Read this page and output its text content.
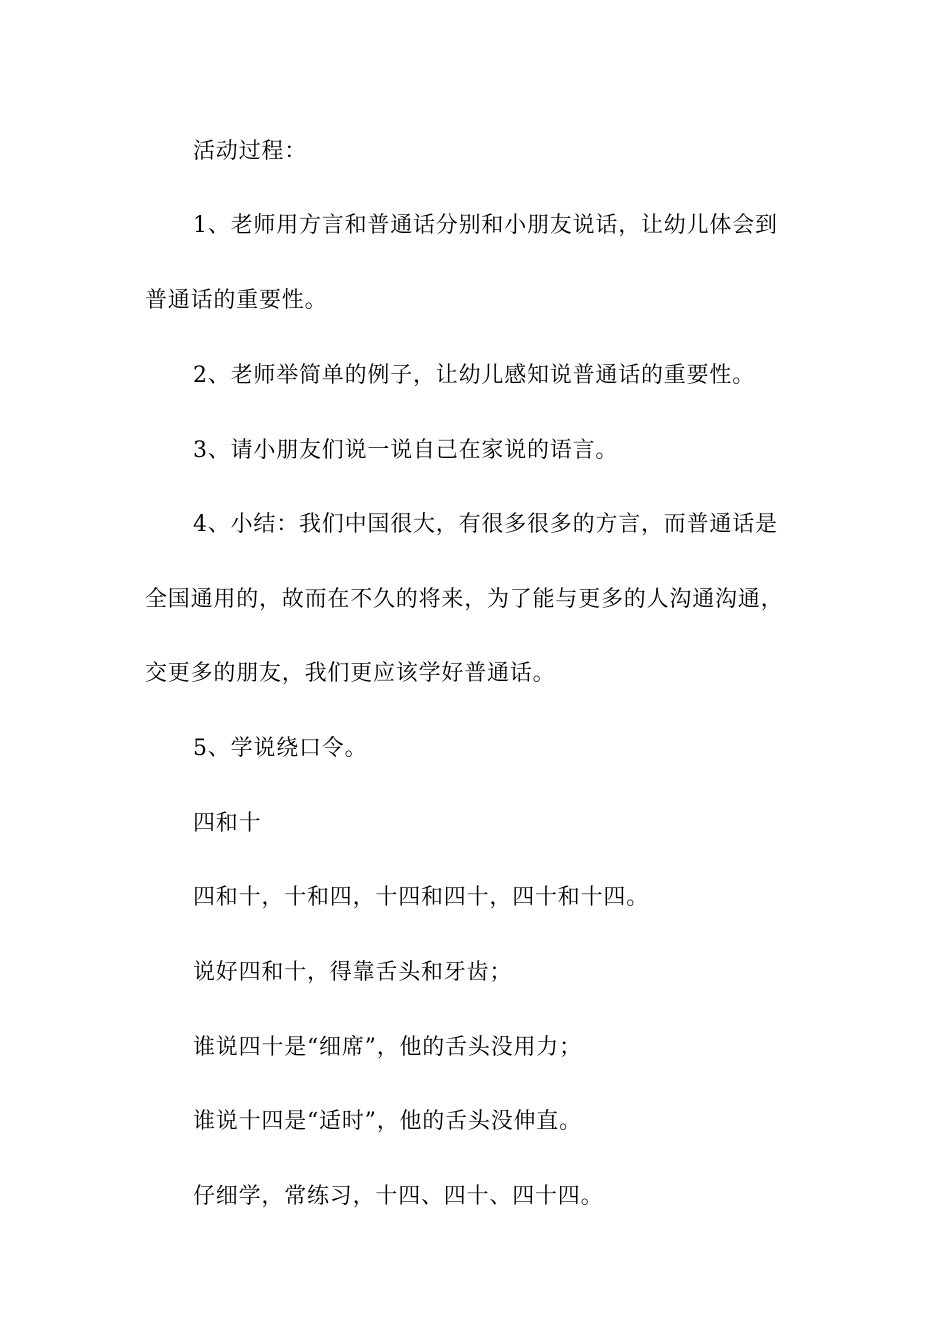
活动过程：
1、老师用方言和普通话分别和小朋友说话，让幼儿体会到
普通话的重要性。
2、老师举简单的例子，让幼儿感知说普通话的重要性。
3、请小朋友们说一说自己在家说的语言。
4、小结：我们中国很大，有很多很多的方言，而普通话是
全国通用的，故而在不久的将来，为了能与更多的人沟通沟通，
交更多的朋友，我们更应该学好普通话。
5、学说绕口令。
四和十
四和十，十和四，十四和四十，四十和十四。
说好四和十，得靠舌头和牙齿；
谁说四十是“细席”，他的舌头没用力；
谁说十四是“适时”，他的舌头没伸直。
仔细学，常练习，十四、四十、四十四。
